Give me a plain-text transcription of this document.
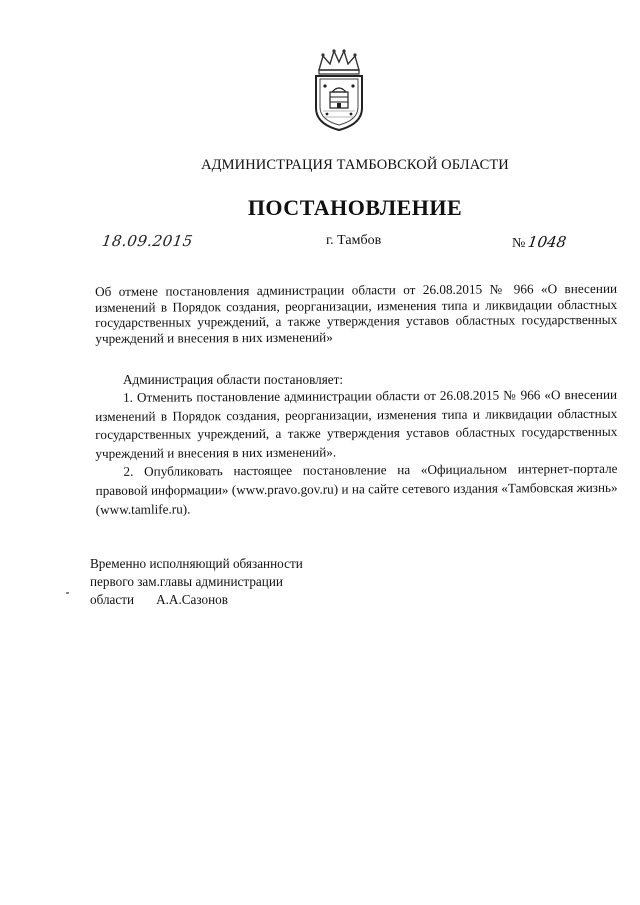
АДМИНИСТРАЦИЯ ТАМБОВСКОЙ ОБЛАСТИ
ПОСТАНОВЛЕНИЕ
18.09.2015	г. Тамбов	№ 1048
Об отмене постановления администрации области от 26.08.2015 № 966 «О внесении изменений в Порядок создания, реорганизации, изменения типа и ликвидации областных государственных учреждений, а также утверждения уставов областных государственных учреждений и внесения в них изменений»
Администрация области постановляет:

1. Отменить постановление администрации области от 26.08.2015 № 966 «О внесении изменений в Порядок создания, реорганизации, изменения типа и ликвидации областных государственных учреждений, а также утверждения уставов областных государственных учреждений и внесения в них изменений».

2. Опубликовать настоящее постановление на «Официальном интернет-портале правовой информации» (www.pravo.gov.ru) и на сайте сетевого издания «Тамбовская жизнь» (www.tamlife.ru).

Временно исполняющий обязанности
первого зам.главы администрации
области А.А.Сазонов
